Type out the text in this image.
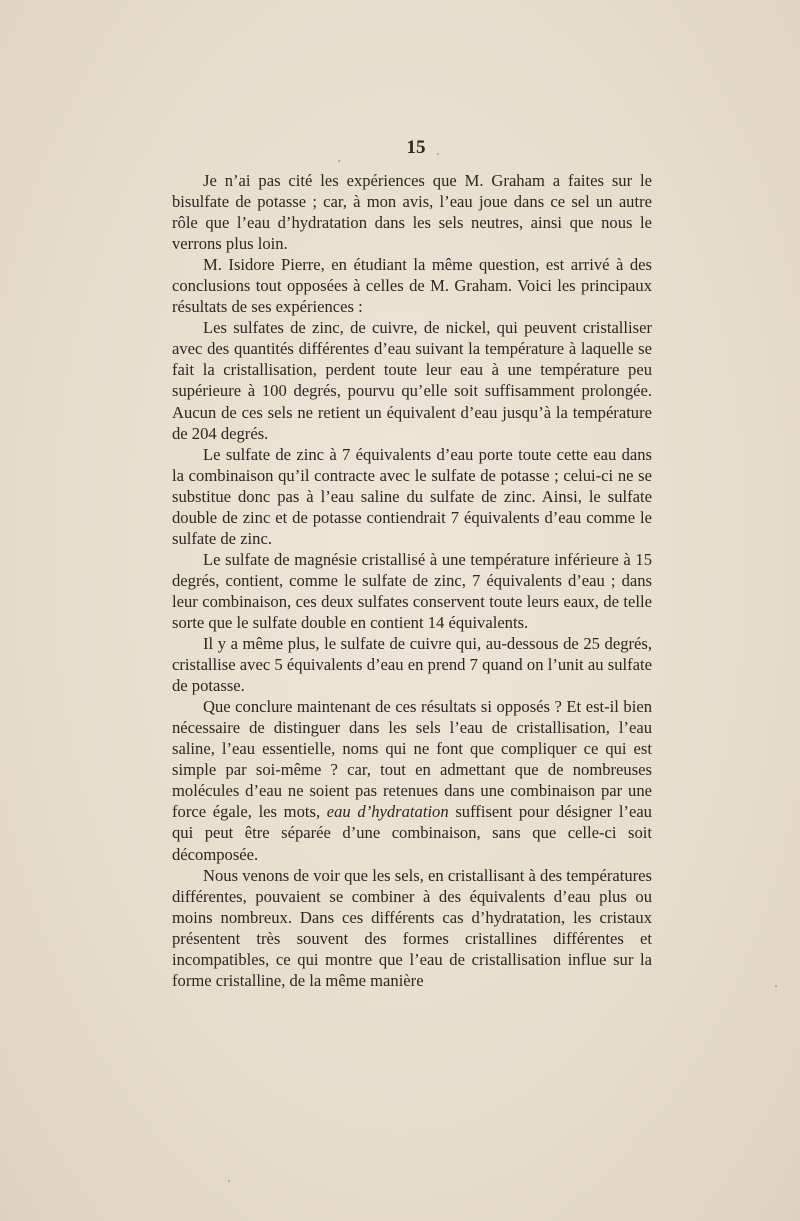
15

Je n’ai pas cité les expériences que M. Graham a faites sur le bisulfate de potasse ; car, à mon avis, l’eau joue dans ce sel un autre rôle que l’eau d’hydratation dans les sels neutres, ainsi que nous le verrons plus loin.

M. Isidore Pierre, en étudiant la même question, est arrivé à des conclusions tout opposées à celles de M. Graham. Voici les principaux résultats de ses expériences :

Les sulfates de zinc, de cuivre, de nickel, qui peuvent cristalliser avec des quantités différentes d’eau suivant la température à laquelle se fait la cristallisation, perdent toute leur eau à une température peu supérieure à 100 degrés, pourvu qu’elle soit suffisamment prolongée. Aucun de ces sels ne retient un équivalent d’eau jusqu’à la température de 204 degrés.

Le sulfate de zinc à 7 équivalents d’eau porte toute cette eau dans la combinaison qu’il contracte avec le sulfate de potasse ; celui-ci ne se substitue donc pas à l’eau saline du sulfate de zinc. Ainsi, le sulfate double de zinc et de potasse contiendrait 7 équivalents d’eau comme le sulfate de zinc.

Le sulfate de magnésie cristallisé à une température inférieure à 15 degrés, contient, comme le sulfate de zinc, 7 équivalents d’eau ; dans leur combinaison, ces deux sulfates conservent toute leurs eaux, de telle sorte que le sulfate double en contient 14 équivalents.

Il y a même plus, le sulfate de cuivre qui, au-dessous de 25 degrés, cristallise avec 5 équivalents d’eau en prend 7 quand on l’unit au sulfate de potasse.

Que conclure maintenant de ces résultats si opposés ? Et est-il bien nécessaire de distinguer dans les sels l’eau de cristallisation, l’eau saline, l’eau essentielle, noms qui ne font que compliquer ce qui est simple par soi-même ? car, tout en admettant que de nombreuses molécules d’eau ne soient pas retenues dans une combinaison par une force égale, les mots, eau d’hydratation suffisent pour désigner l’eau qui peut être séparée d’une combinaison, sans que celle-ci soit décomposée.

Nous venons de voir que les sels, en cristallisant à des températures différentes, pouvaient se combiner à des équivalents d’eau plus ou moins nombreux. Dans ces différents cas d’hydratation, les cristaux présentent très souvent des formes cristallines différentes et incompatibles, ce qui montre que l’eau de cristallisation influe sur la forme cristalline, de la même manière
